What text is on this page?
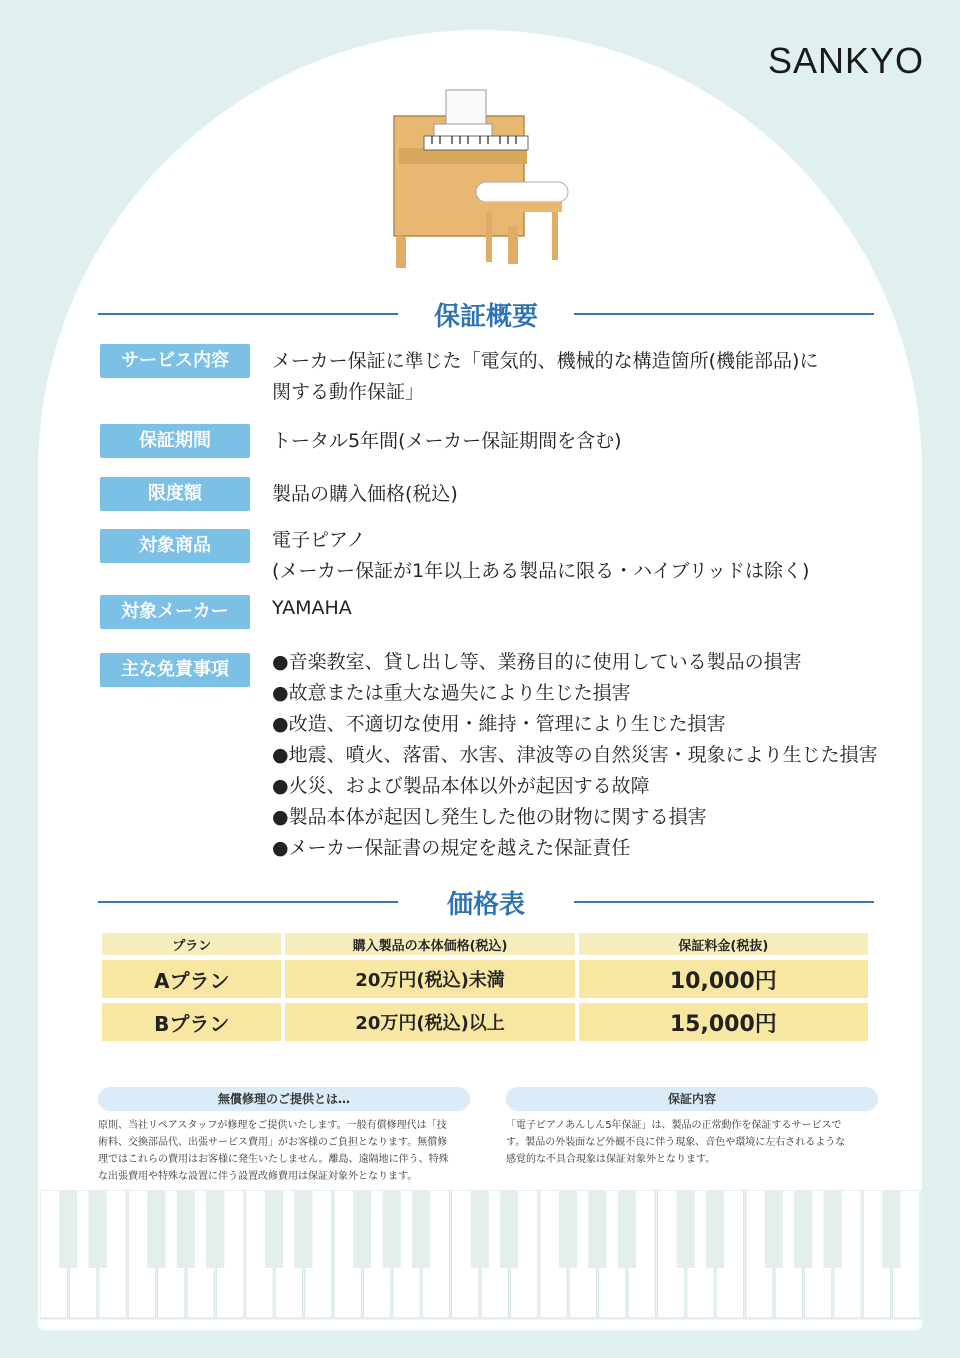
SANKYO
保証概要
サービス内容	メーカー保証に準じた「電気的、機械的な構造箇所(機能部品)に
関する動作保証」
保証期間	トータル5年間(メーカー保証期間を含む)
限度額	製品の購入価格(税込)
対象商品	電子ピアノ
(メーカー保証が1年以上ある製品に限る・ハイブリッドは除く)
対象メーカー	YAMAHA
主な免責事項	● 音楽教室、貸し出し等、業務目的に使用している製品の損害
● 故意または重大な過失により生じた損害
● 改造、不適切な使用・維持・管理により生じた損害
● 地震、噴火、落雷、水害、津波等の自然災害・現象により生じた損害
● 火災、および製品本体以外が起因する故障
● 製品本体が起因し発生した他の財物に関する損害
● メーカー保証書の規定を越えた保証責任
価格表
プラン	購入製品の本体価格(税込)	保証料金(税抜)
Aプラン	20万円(税込)未満	10,000円
Bプラン	20万円(税込)以上	15,000円
無償修理のご提供とは…
原則、当社リペアスタッフが修理をご提供いたします。一般有償修理代は「技
術料、交換部品代、出張サービス費用」がお客様のご負担となります。無償修
理ではこれらの費用はお客様に発生いたしません。離島、遠隔地に伴う、特殊
な出張費用や特殊な設置に伴う設置改修費用は保証対象外となります。
保証内容
「電子ピアノあんしん5年保証」は、製品の正常動作を保証するサービスで
す。製品の外装面など外観不良に伴う現象、音色や環境に左右されるような
感覚的な不具合現象は保証対象外となります。
